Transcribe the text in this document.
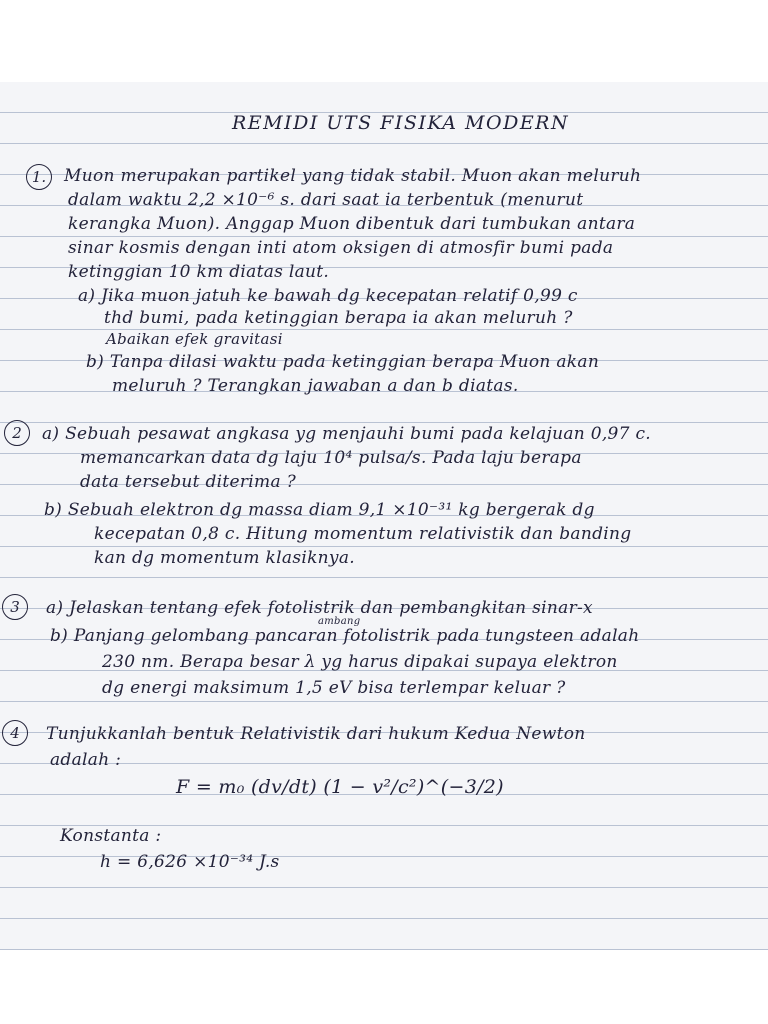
REMIDI UTS FISIKA MODERN
1.	Muon merupakan partikel yang tidak stabil. Muon akan meluruh
dalam waktu 2,2 ×10⁻⁶ s. dari saat ia terbentuk (menurut
kerangka Muon). Anggap Muon dibentuk dari tumbukan antara
sinar kosmis dengan inti atom oksigen di atmosfir bumi pada
ketinggian 10 km diatas laut.
a) Jika muon jatuh ke bawah dg kecepatan relatif 0,99 c
thd bumi, pada ketinggian berapa ia akan meluruh ?
Abaikan efek gravitasi
b) Tanpa dilasi waktu pada ketinggian berapa Muon akan
meluruh ? Terangkan jawaban a dan b diatas.
2	a) Sebuah pesawat angkasa yg menjauhi bumi pada kelajuan 0,97 c.
memancarkan data dg laju 10⁴ pulsa/s. Pada laju berapa
data tersebut diterima ?
b) Sebuah elektron dg massa diam 9,1 ×10⁻³¹ kg bergerak dg
kecepatan 0,8 c. Hitung momentum relativistik dan banding
kan dg momentum klasiknya.
3	a) Jelaskan tentang efek fotolistrik dan pembangkitan sinar-x
ambang
b) Panjang gelombang pancaran fotolistrik pada tungsteen adalah
230 nm. Berapa besar λ yg harus dipakai supaya elektron
dg energi maksimum 1,5 eV bisa terlempar keluar ?
4	Tunjukkanlah bentuk Relativistik dari hukum Kedua Newton
adalah :
F = m₀ (dv/dt) (1 − v²/c²)^(−3/2)
Konstanta :
h = 6,626 ×10⁻³⁴ J.s
